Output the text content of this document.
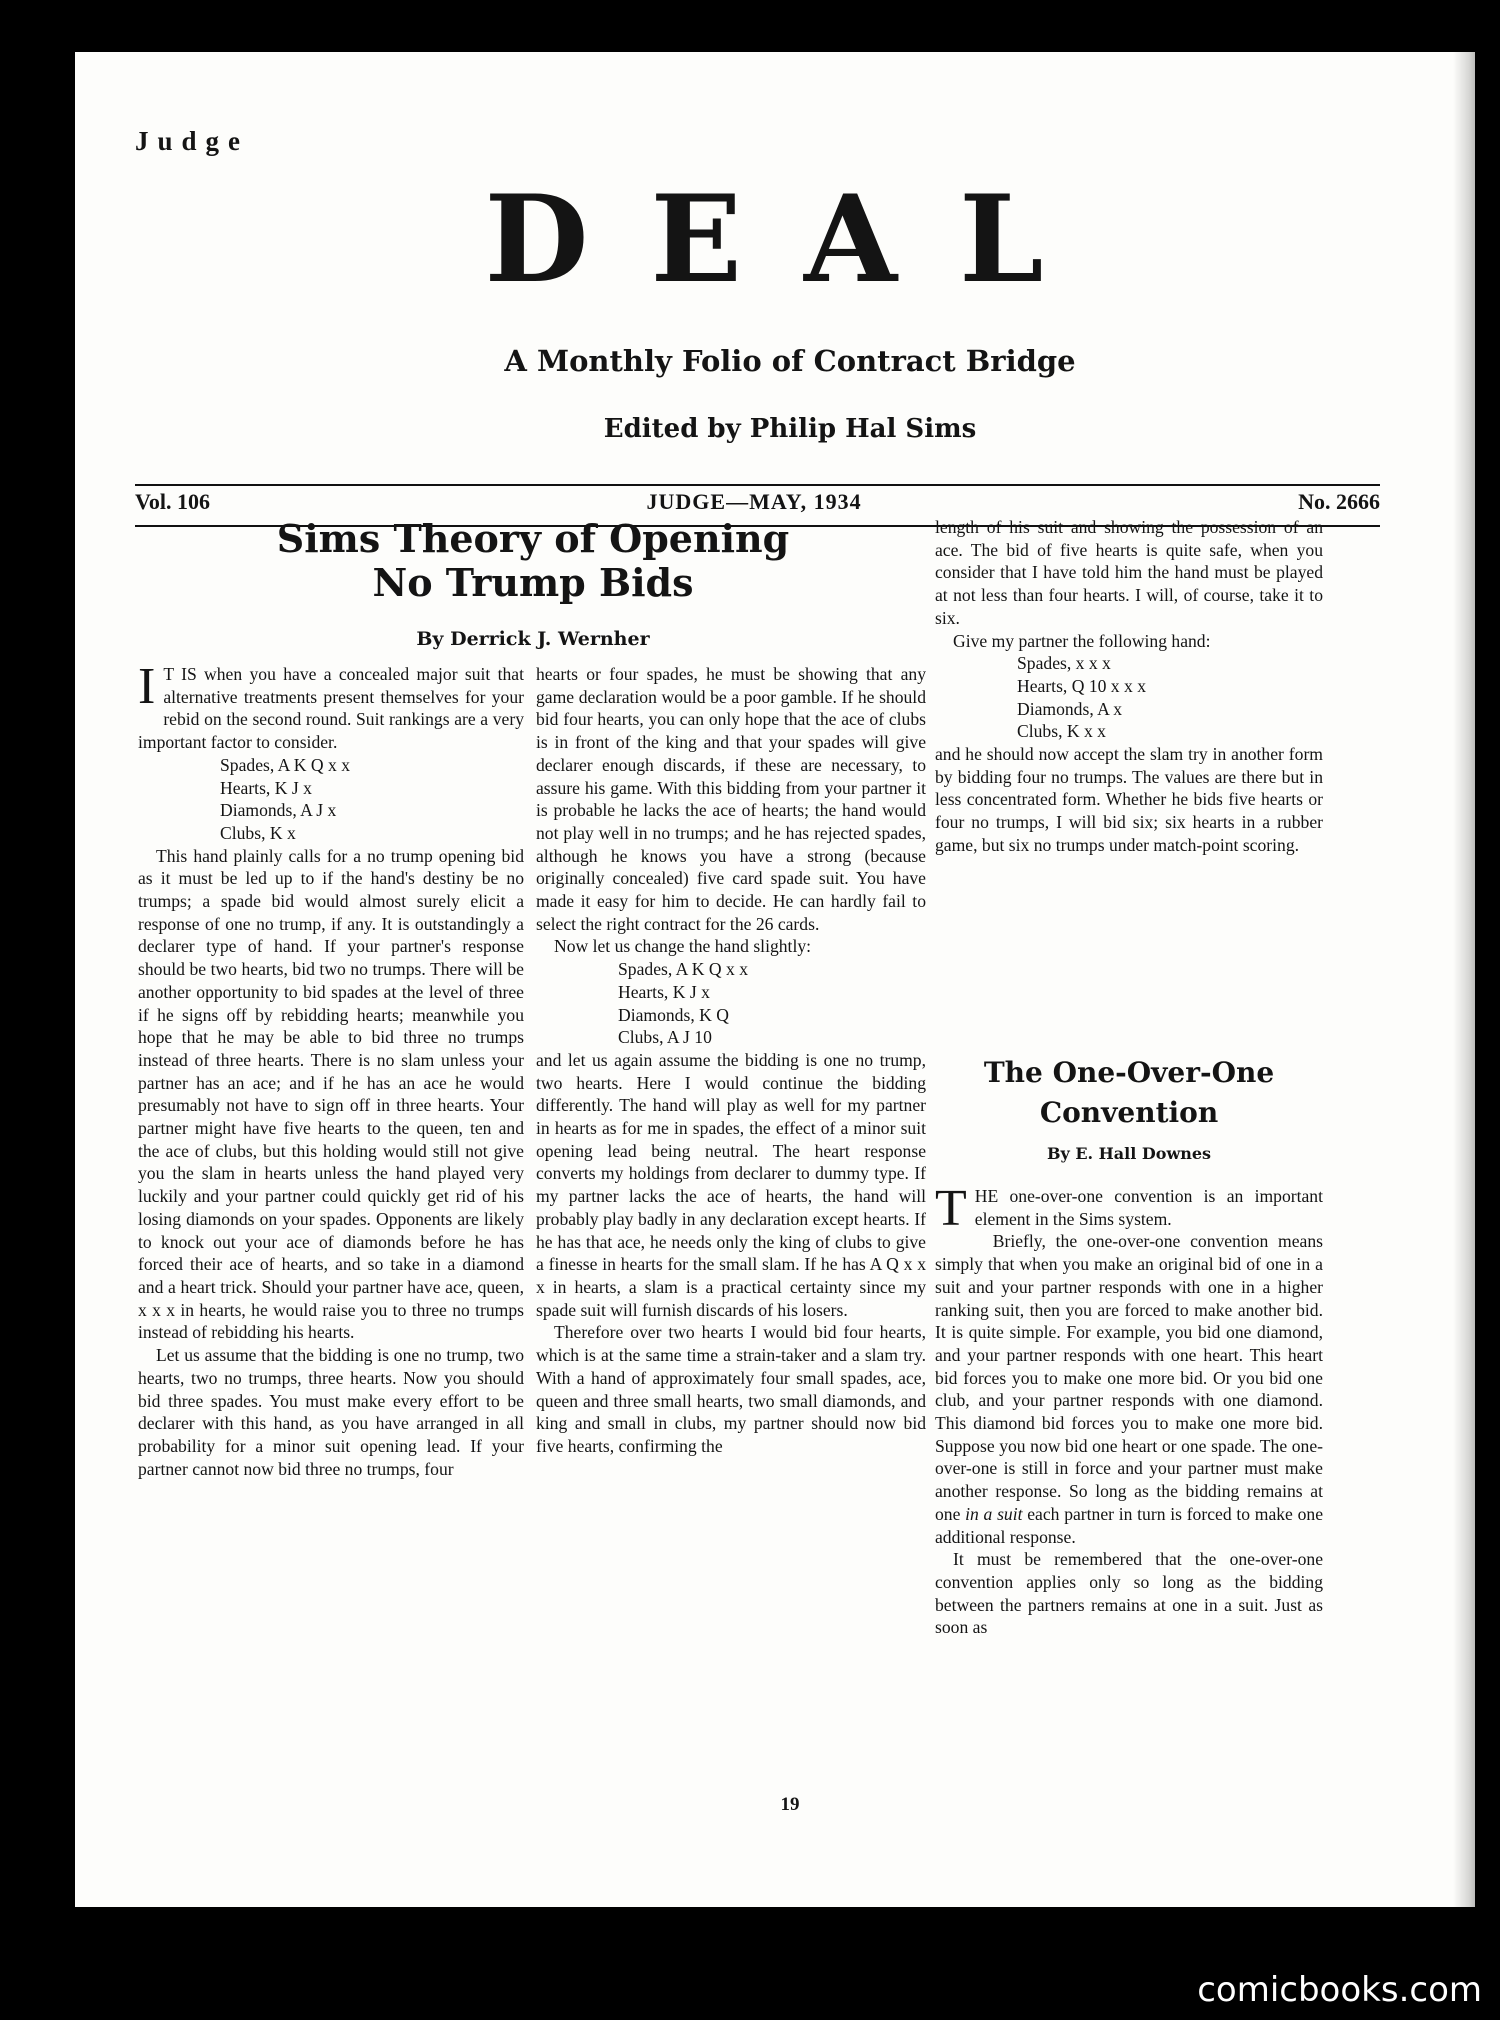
Judge
DEAL
A Monthly Folio of Contract Bridge
Edited by Philip Hal Sims
Vol. 106	JUDGE—MAY, 1934	No. 2666
Sims Theory of Opening
No Trump Bids
By Derrick J. Wernher

I T IS when you have a concealed major suit that alternative treatments present themselves for your rebid on the second round. Suit rankings are a very important factor to consider.

Spades, A K Q x x
Hearts, K J x
Diamonds, A J x
Clubs, K x

This hand plainly calls for a no trump opening bid as it must be led up to if the hand's destiny be no trumps; a spade bid would almost surely elicit a response of one no trump, if any. It is outstandingly a declarer type of hand. If your partner's response should be two hearts, bid two no trumps. There will be another opportunity to bid spades at the level of three if he signs off by rebidding hearts; meanwhile you hope that he may be able to bid three no trumps instead of three hearts. There is no slam unless your partner has an ace; and if he has an ace he would presumably not have to sign off in three hearts. Your partner might have five hearts to the queen, ten and the ace of clubs, but this holding would still not give you the slam in hearts unless the hand played very luckily and your partner could quickly get rid of his losing diamonds on your spades. Opponents are likely to knock out your ace of diamonds before he has forced their ace of hearts, and so take in a diamond and a heart trick. Should your partner have ace, queen, x x x in hearts, he would raise you to three no trumps instead of rebidding his hearts.

Let us assume that the bidding is one no trump, two hearts, two no trumps, three hearts. Now you should bid three spades. You must make every effort to be declarer with this hand, as you have arranged in all probability for a minor suit opening lead. If your partner cannot now bid three no trumps, four

hearts or four spades, he must be showing that any game declaration would be a poor gamble. If he should bid four hearts, you can only hope that the ace of clubs is in front of the king and that your spades will give declarer enough discards, if these are necessary, to assure his game. With this bidding from your partner it is probable he lacks the ace of hearts; the hand would not play well in no trumps; and he has rejected spades, although he knows you have a strong (because originally concealed) five card spade suit. You have made it easy for him to decide. He can hardly fail to select the right contract for the 26 cards.

Now let us change the hand slightly:

Spades, A K Q x x
Hearts, K J x
Diamonds, K Q
Clubs, A J 10

and let us again assume the bidding is one no trump, two hearts. Here I would continue the bidding differently. The hand will play as well for my partner in hearts as for me in spades, the effect of a minor suit opening lead being neutral. The heart response converts my holdings from declarer to dummy type. If my partner lacks the ace of hearts, the hand will probably play badly in any declaration except hearts. If he has that ace, he needs only the king of clubs to give a finesse in hearts for the small slam. If he has A Q x x x in hearts, a slam is a practical certainty since my spade suit will furnish discards of his losers.

Therefore over two hearts I would bid four hearts, which is at the same time a strain-taker and a slam try. With a hand of approximately four small spades, ace, queen and three small hearts, two small diamonds, and king and small in clubs, my partner should now bid five hearts, confirming the

length of his suit and showing the possession of an ace. The bid of five hearts is quite safe, when you consider that I have told him the hand must be played at not less than four hearts. I will, of course, take it to six.

Give my partner the following hand:

Spades, x x x
Hearts, Q 10 x x x
Diamonds, A x
Clubs, K x x

and he should now accept the slam try in another form by bidding four no trumps. The values are there but in less concentrated form. Whether he bids five hearts or four no trumps, I will bid six; six hearts in a rubber game, but six no trumps under match-point scoring.

The One-Over-One
Convention
By E. Hall Downes

THE one-over-one convention is an important element in the Sims system.

Briefly, the one-over-one convention means simply that when you make an original bid of one in a suit and your partner responds with one in a higher ranking suit, then you are forced to make another bid. It is quite simple. For example, you bid one diamond, and your partner responds with one heart. This heart bid forces you to make one more bid. Or you bid one club, and your partner responds with one diamond. This diamond bid forces you to make one more bid. Suppose you now bid one heart or one spade. The one-over-one is still in force and your partner must make another response. So long as the bidding remains at one in a suit each partner in turn is forced to make one additional response.

It must be remembered that the one-over-one convention applies only so long as the bidding between the partners remains at one in a suit. Just as soon as

19
comicbooks.com
